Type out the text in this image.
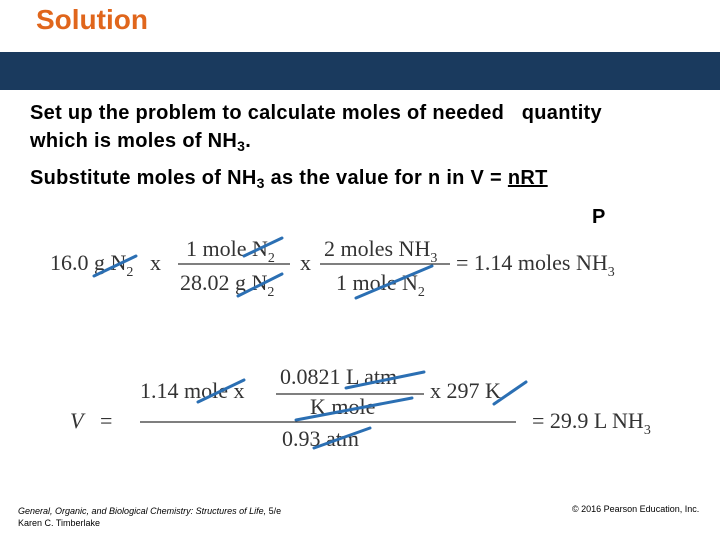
Solution
Set up the problem to calculate moles of needed   quantity
which is moles of $NH_3$.
Substitute moles of $NH_3$ as the value for n in V = nRT
P
16.0 g $N_2$ x
1 mole $N_2$
28.02 g $N_2$
x
2 moles $NH_3$
1 mole $N_2$
= 1.14 moles $NH_3$
V =
1.14 mole x
0.0821 L atm
K mole
x 297 K
0.93 atm
= 29.9 L $NH_3$
General, Organic, and Biological Chemistry: Structures of Life, 5/e
Karen C. Timberlake
© 2016 Pearson Education, Inc.
